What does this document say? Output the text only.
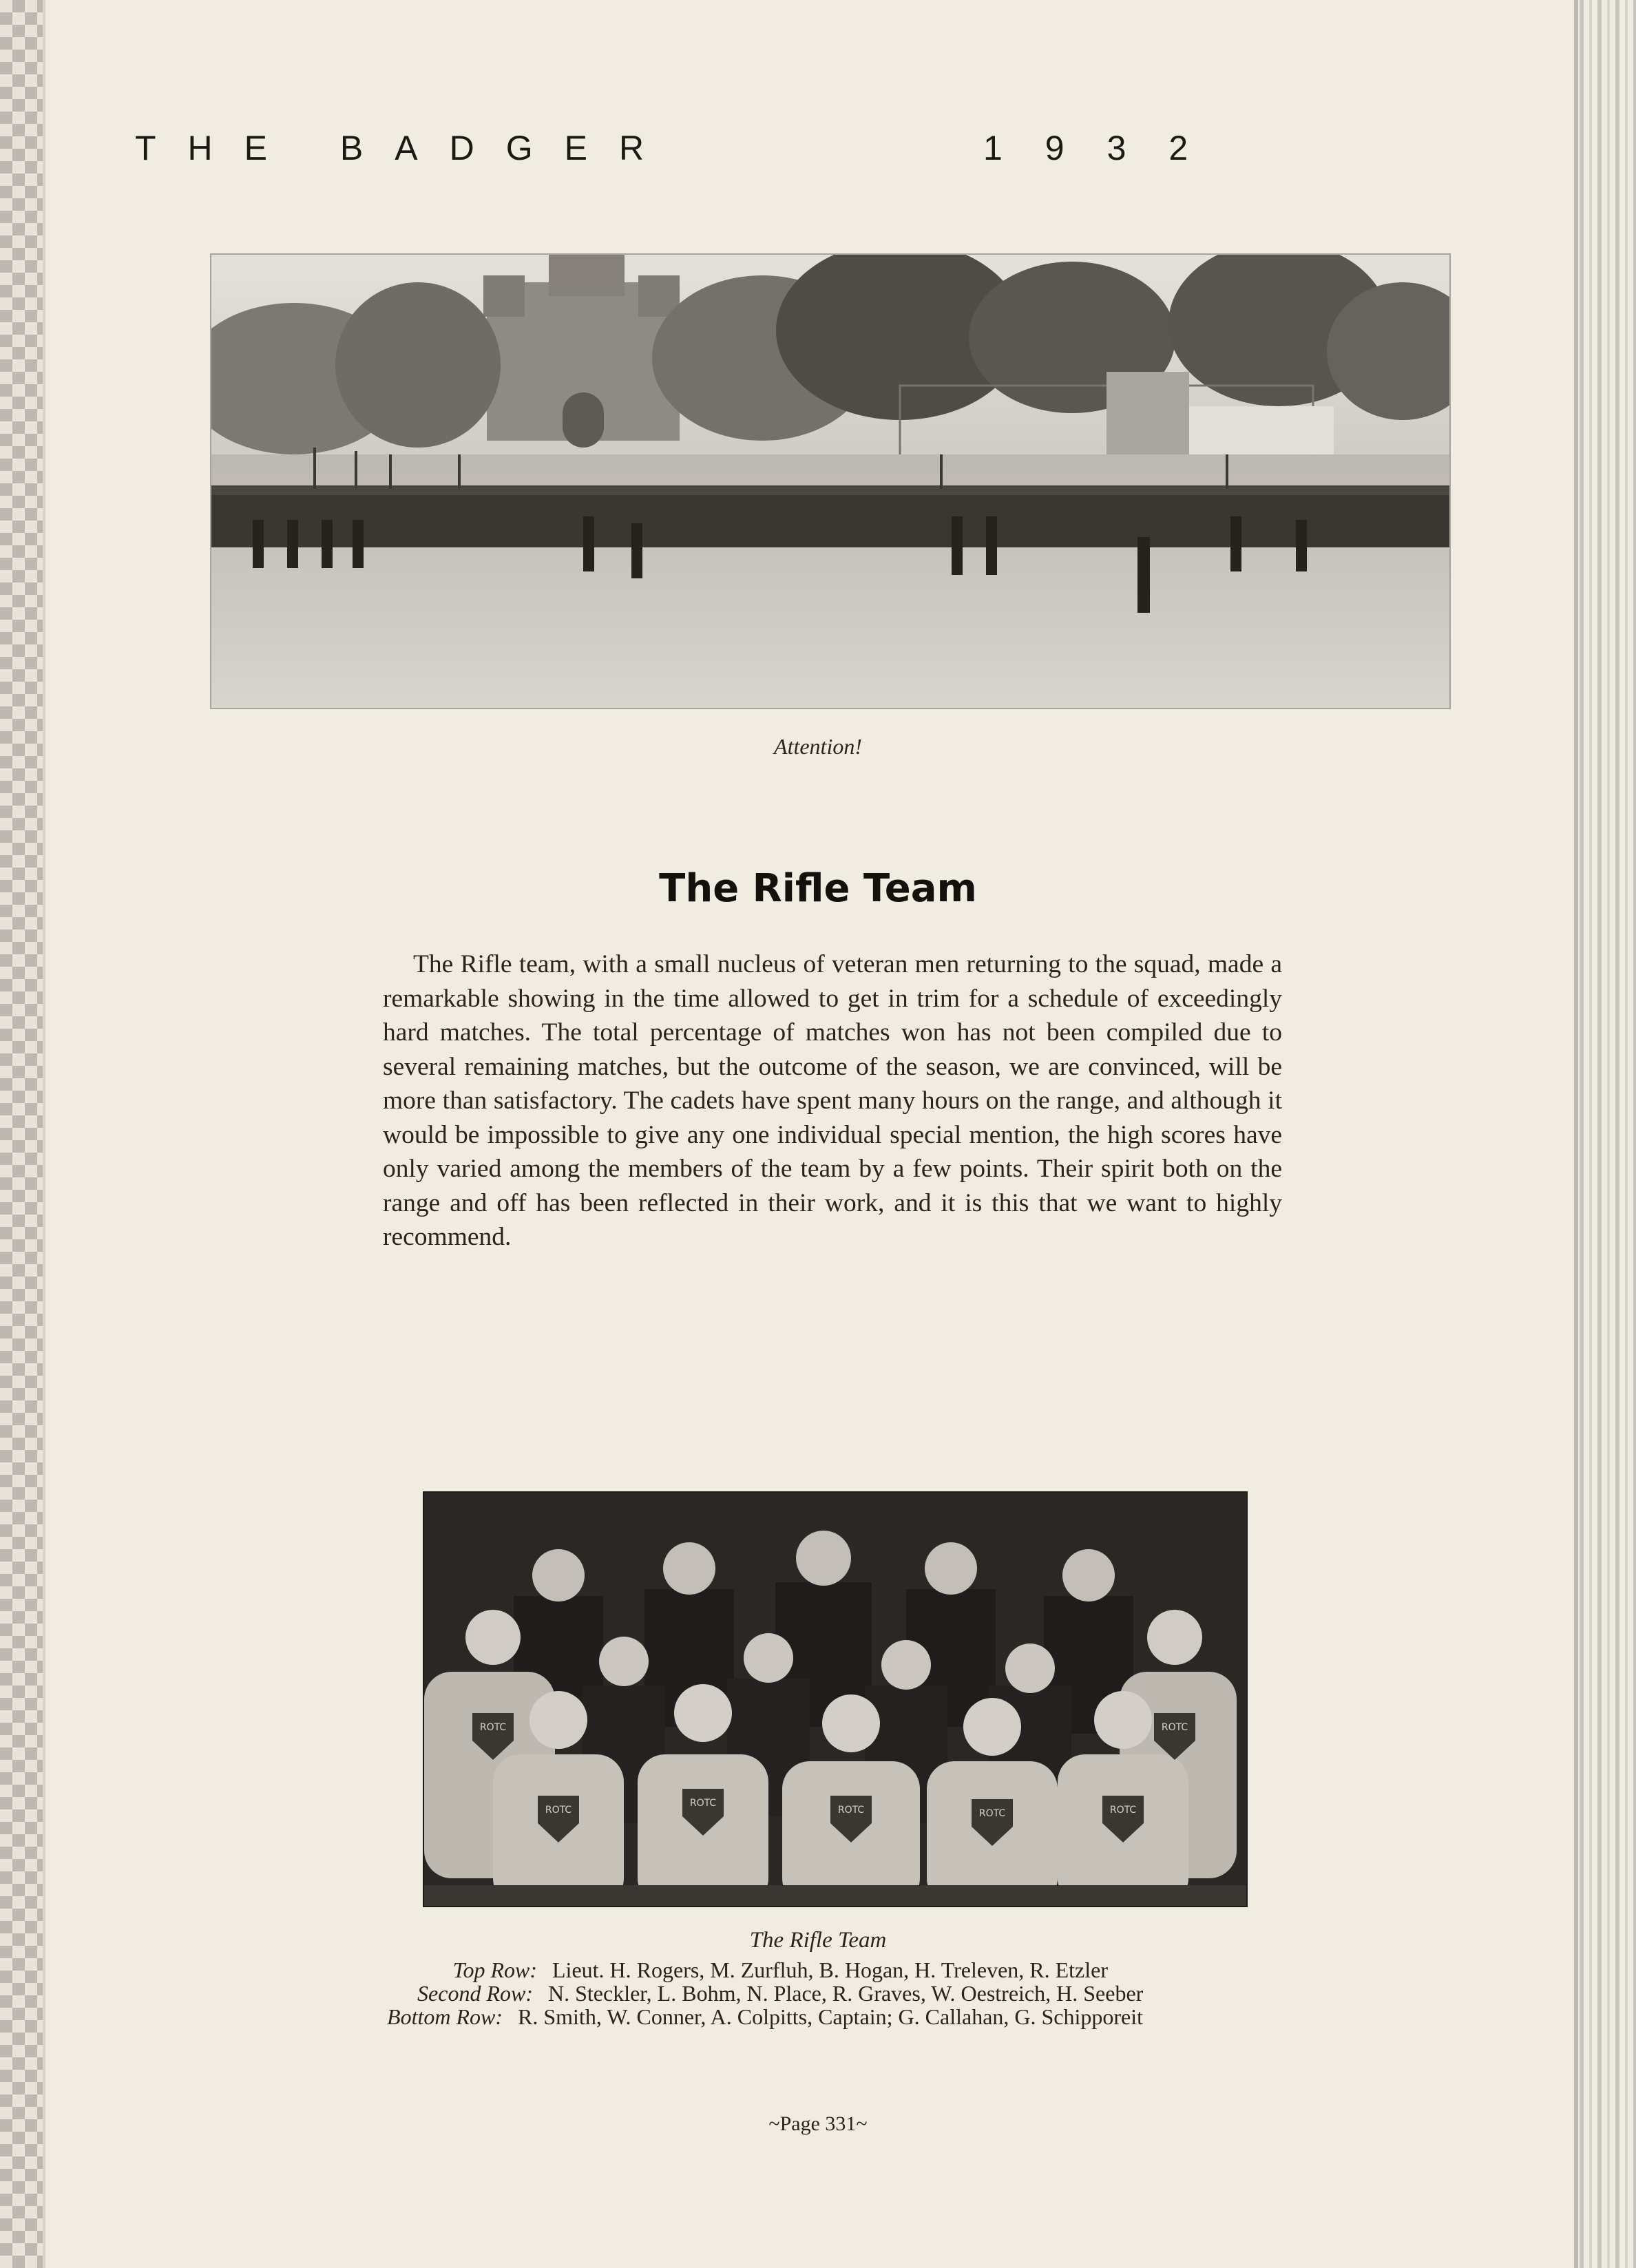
THE BADGER	1932
Attention!
The Rifle Team
The Rifle team, with a small nucleus of veteran men returning to the squad, made a remarkable showing in the time allowed to get in trim for a schedule of exceedingly hard matches. The total percentage of matches won has not been compiled due to several remaining matches, but the outcome of the season, we are convinced, will be more than satisfactory. The cadets have spent many hours on the range, and although it would be impossible to give any one individual special mention, the high scores have only varied among the members of the team by a few points. Their spirit both on the range and off has been reflected in their work, and it is this that we want to highly recommend.
ROTC	ROTC
ROTC
ROTC
ROTC	ROTC	ROTC
The Rifle Team
Top Row: Lieut. H. Rogers, M. Zurfluh, B. Hogan, H. Treleven, R. Etzler
Second Row: N. Steckler, L. Bohm, N. Place, R. Graves, W. Oestreich, H. Seeber
Bottom Row: R. Smith, W. Conner, A. Colpitts, Captain; G. Callahan, G. Schipporeit
~Page 331~
